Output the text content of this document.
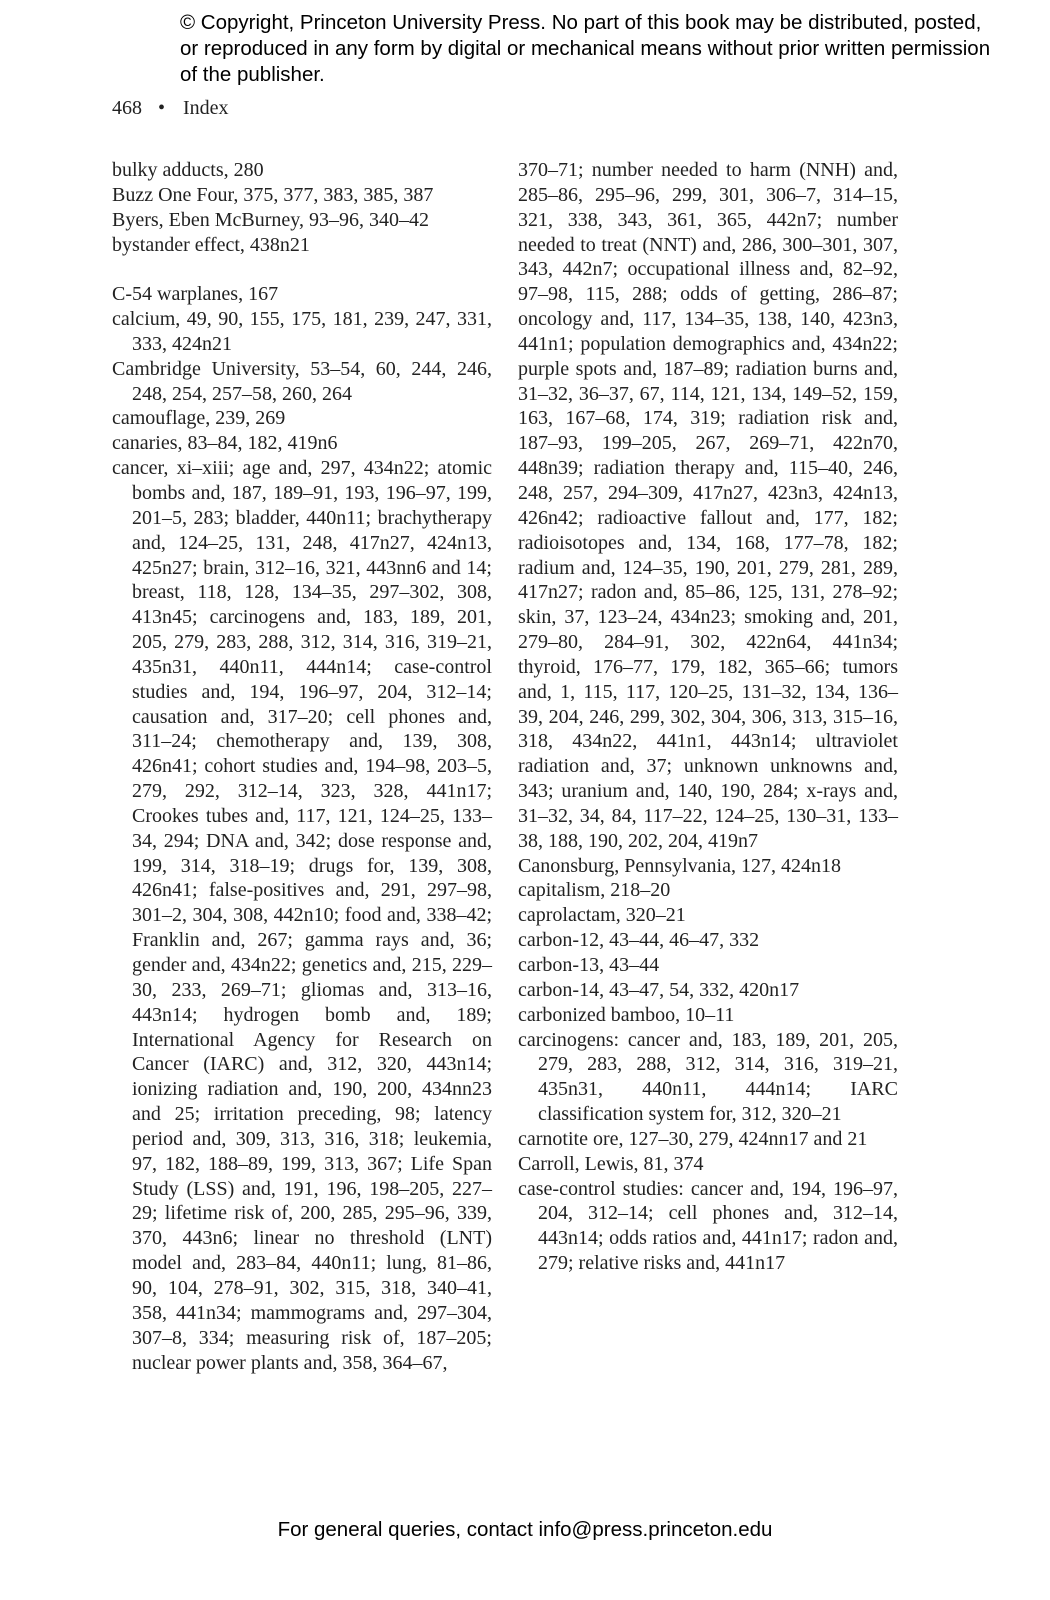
© Copyright, Princeton University Press. No part of this book may be distributed, posted, or reproduced in any form by digital or mechanical means without prior written permission of the publisher.
468 • Index
bulky adducts, 280
Buzz One Four, 375, 377, 383, 385, 387
Byers, Eben McBurney, 93–96, 340–42
bystander effect, 438n21
C-54 warplanes, 167
calcium, 49, 90, 155, 175, 181, 239, 247, 331, 333, 424n21
Cambridge University, 53–54, 60, 244, 246, 248, 254, 257–58, 260, 264
camouflage, 239, 269
canaries, 83–84, 182, 419n6
cancer, xi–xiii; age and, 297, 434n22; atomic bombs and, 187, 189–91, 193, 196–97, 199, 201–5, 283; bladder, 440n11; brachytherapy and, 124–25, 131, 248, 417n27, 424n13, 425n27; brain, 312–16, 321, 443nn6 and 14; breast, 118, 128, 134–35, 297–302, 308, 413n45; carcinogens and, 183, 189, 201, 205, 279, 283, 288, 312, 314, 316, 319–21, 435n31, 440n11, 444n14; case-control studies and, 194, 196–97, 204, 312–14; causation and, 317–20; cell phones and, 311–24; chemotherapy and, 139, 308, 426n41; cohort studies and, 194–98, 203–5, 279, 292, 312–14, 323, 328, 441n17; Crookes tubes and, 117, 121, 124–25, 133–34, 294; DNA and, 342; dose response and, 199, 314, 318–19; drugs for, 139, 308, 426n41; false-positives and, 291, 297–98, 301–2, 304, 308, 442n10; food and, 338–42; Franklin and, 267; gamma rays and, 36; gender and, 434n22; genetics and, 215, 229–30, 233, 269–71; gliomas and, 313–16, 443n14; hydrogen bomb and, 189; International Agency for Research on Cancer (IARC) and, 312, 320, 443n14; ionizing radiation and, 190, 200, 434nn23 and 25; irritation preceding, 98; latency period and, 309, 313, 316, 318; leukemia, 97, 182, 188–89, 199, 313, 367; Life Span Study (LSS) and, 191, 196, 198–205, 227–29; lifetime risk of, 200, 285, 295–96, 339, 370, 443n6; linear no threshold (LNT) model and, 283–84, 440n11; lung, 81–86, 90, 104, 278–91, 302, 315, 318, 340–41, 358, 441n34; mammograms and, 297–304, 307–8, 334; measuring risk of, 187–205; nuclear power plants and, 358, 364–67,
370–71; number needed to harm (NNH) and, 285–86, 295–96, 299, 301, 306–7, 314–15, 321, 338, 343, 361, 365, 442n7; number needed to treat (NNT) and, 286, 300–301, 307, 343, 442n7; occupational illness and, 82–92, 97–98, 115, 288; odds of getting, 286–87; oncology and, 117, 134–35, 138, 140, 423n3, 441n1; population demographics and, 434n22; purple spots and, 187–89; radiation burns and, 31–32, 36–37, 67, 114, 121, 134, 149–52, 159, 163, 167–68, 174, 319; radiation risk and, 187–93, 199–205, 267, 269–71, 422n70, 448n39; radiation therapy and, 115–40, 246, 248, 257, 294–309, 417n27, 423n3, 424n13, 426n42; radioactive fallout and, 177, 182; radioisotopes and, 134, 168, 177–78, 182; radium and, 124–35, 190, 201, 279, 281, 289, 417n27; radon and, 85–86, 125, 131, 278–92; skin, 37, 123–24, 434n23; smoking and, 201, 279–80, 284–91, 302, 422n64, 441n34; thyroid, 176–77, 179, 182, 365–66; tumors and, 1, 115, 117, 120–25, 131–32, 134, 136–39, 204, 246, 299, 302, 304, 306, 313, 315–16, 318, 434n22, 441n1, 443n14; ultraviolet radiation and, 37; unknown unknowns and, 343; uranium and, 140, 190, 284; x-rays and, 31–32, 34, 84, 117–22, 124–25, 130–31, 133–38, 188, 190, 202, 204, 419n7
Canonsburg, Pennsylvania, 127, 424n18
capitalism, 218–20
caprolactam, 320–21
carbon-12, 43–44, 46–47, 332
carbon-13, 43–44
carbon-14, 43–47, 54, 332, 420n17
carbonized bamboo, 10–11
carcinogens: cancer and, 183, 189, 201, 205, 279, 283, 288, 312, 314, 316, 319–21, 435n31, 440n11, 444n14; IARC classification system for, 312, 320–21
carnotite ore, 127–30, 279, 424nn17 and 21
Carroll, Lewis, 81, 374
case-control studies: cancer and, 194, 196–97, 204, 312–14; cell phones and, 312–14, 443n14; odds ratios and, 441n17; radon and, 279; relative risks and, 441n17
For general queries, contact info@press.princeton.edu
